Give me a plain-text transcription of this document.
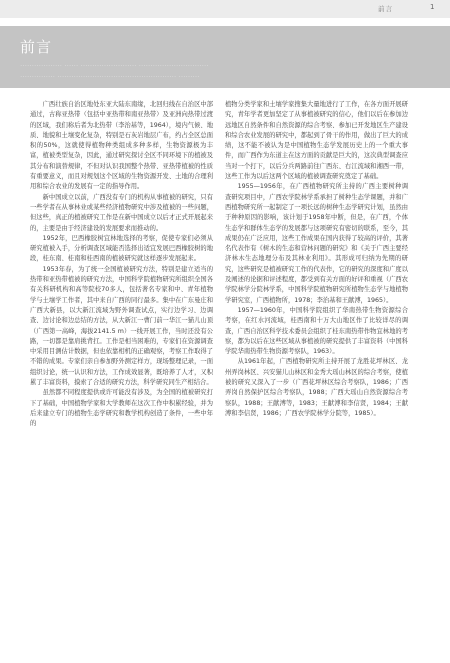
前言	1
前言
……………… …… …………………… …………………………
…………… …………………………………………… ………

广西壮族自治区地处东亚大陆东南缘，北回归线在自治区中部通过，古称亚热带（包括中亚热带和南亚热带）及亚洲向热带过渡的区域，我们称后者为北热带（李治基等，1964），境内气候、地质、地貌和土壤变化复杂，特别是石灰岩地层广布，约占全区总面积的50%，这就使得植物种类组成多种多样，生物资源极为丰富，植被类型复杂，因此，通过研究探讨全区不同环境下的植被及其分布和演替规律，不但对认识我国整个热带、亚热带植被的性质有重要意义，而且对规划这个区域的生物资源开发、土地的合理利用和综合农业的发展有一定的指导作用。

新中国成立以前，广西没有专门的机构从事植被的研究，只有一些学者在从事林业或某些经济植物研究中涉及植被的一些问题，但这些，真正的植被研究工作是在新中国成立以后才正式开展起来的，主要是由于经济建设的发展要求而推动的。

1952年，巴西橡胶树宜林地选择的考察，促使专家们必须从研究植被入手，分析调查区域能否选择出适宜发展巴西橡胶树的地段，桂东南、桂南和桂西南的植被研究就这样逐步发展起来。

1953年春，为了统一全国植被研究方法，特别是建立适当的热带和亚热带植被的研究方法，中国科学院植物研究所组织全国各有关科研机构和高等院校70多人，包括著名专家和中、青年植物学与土壤学工作者，其中来自广西的同行最多。集中在广东曼庄和广西大新县，以大新江流域为野外调查试点，实行边学习、边调查、边讨论和边总结的方法，从大新江一曹门前一华江一猫儿山顶（广西第一高峰，海拔2141.5 m）一线开展工作，当时还没有公路，一切都是靠肩挑背扛。工作是相当困难的，专家们在资源调查中采用目测估计数据，但也依靠相机的正确观察，考察工作取得了不错的成果。专家们亲自参加野外测定样方，现场整理记录，一面组织讨论，统一认识和方法，工作成效显著，既培养了人才，又积累了丰富资料，摸索了合适的研究方法，科学研究同生产相结合。

虽然都不同程度提供或许可能没有涉及，为全国的植被研究打下了基础，中国植物学家和大学教师在这次工作中积累经验，并为后来建立专门的植物生态学研究和教学机构创造了条件，一些中年的

植物分类学家和土壤学家搜集大量地进行了工作，在各方面开展研究，青年学者更加坚定了从事植被研究的信心，他们以后在参加边远地区自然条件和自然资源的综合考察、参加已开发地区生产建设和综合农业发展的研究中，都起到了骨干的作用，做出了巨大的成绩，这不能不被认为是中国植物生态学发展历史上的一个重大事件，而广西作为东道主在这方面的贡献是巨大的，这次典型调查应当对一个打下，以后分兵两路前往广西东、右江流域和湘西一带，这些工作为以后这两个区域的植被调查研究奠定了基础。

1955—1956年，在广西植物研究所主持的广西主要树种调查研究项目中，广西农学院林学系承担了树种生态学课题，并和广西植物研究所一起制定了一项长远的树种生态学研究计划，虽然由于种种原因的影响，该计划于1958年中断，但是，在广西，个体生态学和群体生态学的发展都与这项研究有密切的联系，至今，其成果仍在广泛应用，这些工作成果在国内获得了较高的评价，其著名代表作有《树木的生态和营林问题的研究》和《关于广西主要经济林木生态地理分布及其林业利用》。其形成可归纳为先期的研究，这些研究是植被研究工作的代表作，它的研究的深度和广度以及阐述的论据和评述程度，都受到有关方面的好评和重视（广西农学院林学分院林学系，中国科学院植物研究所植物生态学与地植物学研究室，广西植物所，1978；李治基和王献溥，1965）。

1957—1960年，中国科学院组织了华南热带生物资源综合考察，在红水河流域，桂西南和十万大山地区作了比较详尽的调查，广西自治区科学技术委员会组织了桂东南热带作物宜林地的考察，都为以后在这些区域从事植被的研究提供了丰富资料（中国科学院华南热带生物资源考察队，1963）。

从1961年起，广西植物研究所主持开展了龙胜花坪林区、龙州弄岗林区、兴安猫儿山林区和金秀大瑶山林区的综合考察，使植被的研究又深入了一步（广西花坪林区综合考察队，1986；广西弄岗自然保护区综合考察队，1988；广西大瑶山自然资源综合考察队，1988；王献溥等，1983；王献溥和李信贤，1984；王献溥和李信贤，1986；广西农学院林学分院等，1985）。
